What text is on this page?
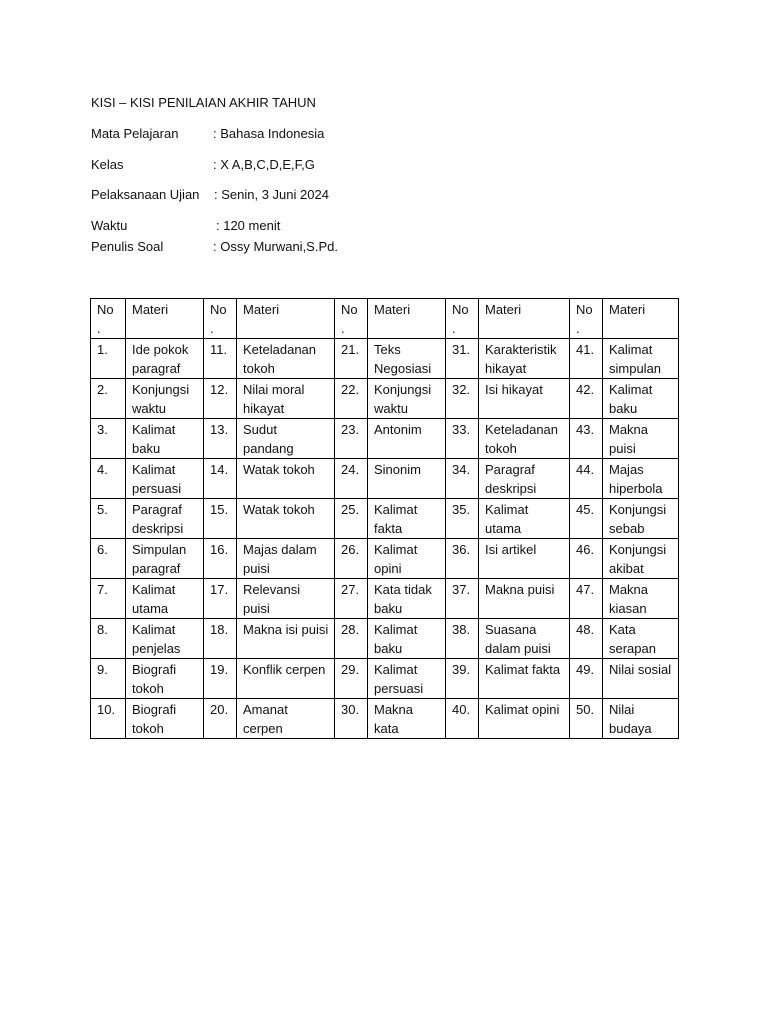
KISI – KISI PENILAIAN AKHIR TAHUN
Mata Pelajaran	: Bahasa Indonesia
Kelas	: X A,B,C,D,E,F,G
Pelaksanaan Ujian : Senin, 3 Juni 2024
Waktu	: 120 menit
Penulis Soal	: Ossy Murwani,S.Pd.
No .	Materi	No .	Materi	No .	Materi	No .	Materi	No .	Materi
1.	Ide pokok paragraf	11.	Keteladanan tokoh	21.	Teks Negosiasi	31.	Karakteristik hikayat	41.	Kalimat simpulan
2.	Konjungsi waktu	12.	Nilai moral hikayat	22.	Konjungsi waktu	32.	Isi hikayat	42.	Kalimat baku
3.	Kalimat baku	13.	Sudut pandang	23.	Antonim	33.	Keteladanan tokoh	43.	Makna puisi
4.	Kalimat persuasi	14.	Watak tokoh	24.	Sinonim	34.	Paragraf deskripsi	44.	Majas hiperbola
5.	Paragraf deskripsi	15.	Watak tokoh	25.	Kalimat fakta	35.	Kalimat utama	45.	Konjungsi sebab
6.	Simpulan paragraf	16.	Majas dalam puisi	26.	Kalimat opini	36.	Isi artikel	46.	Konjungsi akibat
7.	Kalimat utama	17.	Relevansi puisi	27.	Kata tidak baku	37.	Makna puisi	47.	Makna kiasan
8.	Kalimat penjelas	18.	Makna isi puisi	28.	Kalimat baku	38.	Suasana dalam puisi	48.	Kata serapan
9.	Biografi tokoh	19.	Konflik cerpen	29.	Kalimat persuasi	39.	Kalimat fakta	49.	Nilai sosial
10.	Biografi tokoh	20.	Amanat cerpen	30.	Makna kata	40.	Kalimat opini	50.	Nilai budaya
